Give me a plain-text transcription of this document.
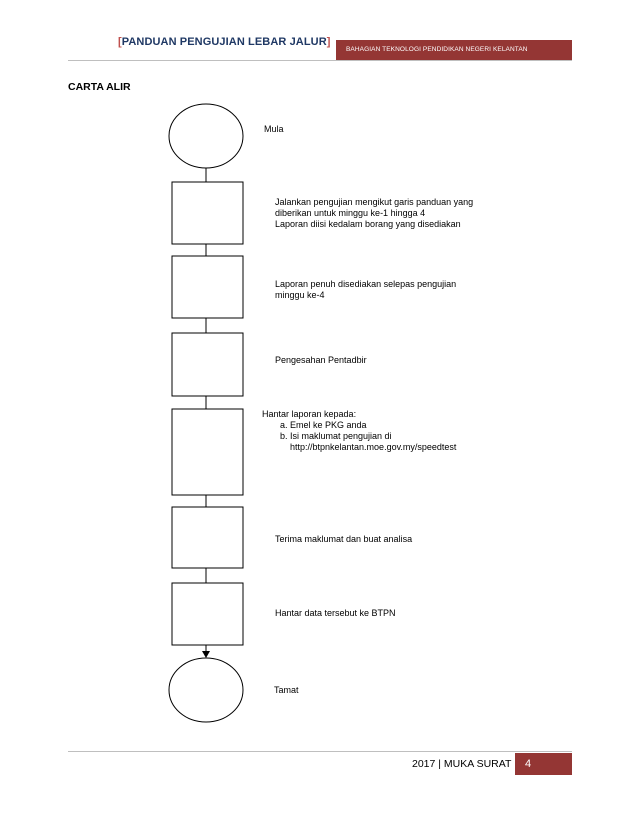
[PANDUAN PENGUJIAN LEBAR JALUR]
BAHAGIAN TEKNOLOGI PENDIDIKAN NEGERI KELANTAN
CARTA ALIR
Mula
Jalankan pengujian mengikut garis panduan yang
diberikan untuk minggu ke-1 hingga 4
Laporan diisi kedalam borang yang disediakan
Laporan penuh disediakan selepas pengujian
minggu ke-4
Pengesahan Pentadbir
Hantar laporan kepada:
a. Emel ke PKG anda
b. Isi maklumat pengujian di
http://btpnkelantan.moe.gov.my/speedtest
Terima maklumat dan buat analisa
Hantar data tersebut ke BTPN
Tamat
2017 | MUKA SURAT	4
